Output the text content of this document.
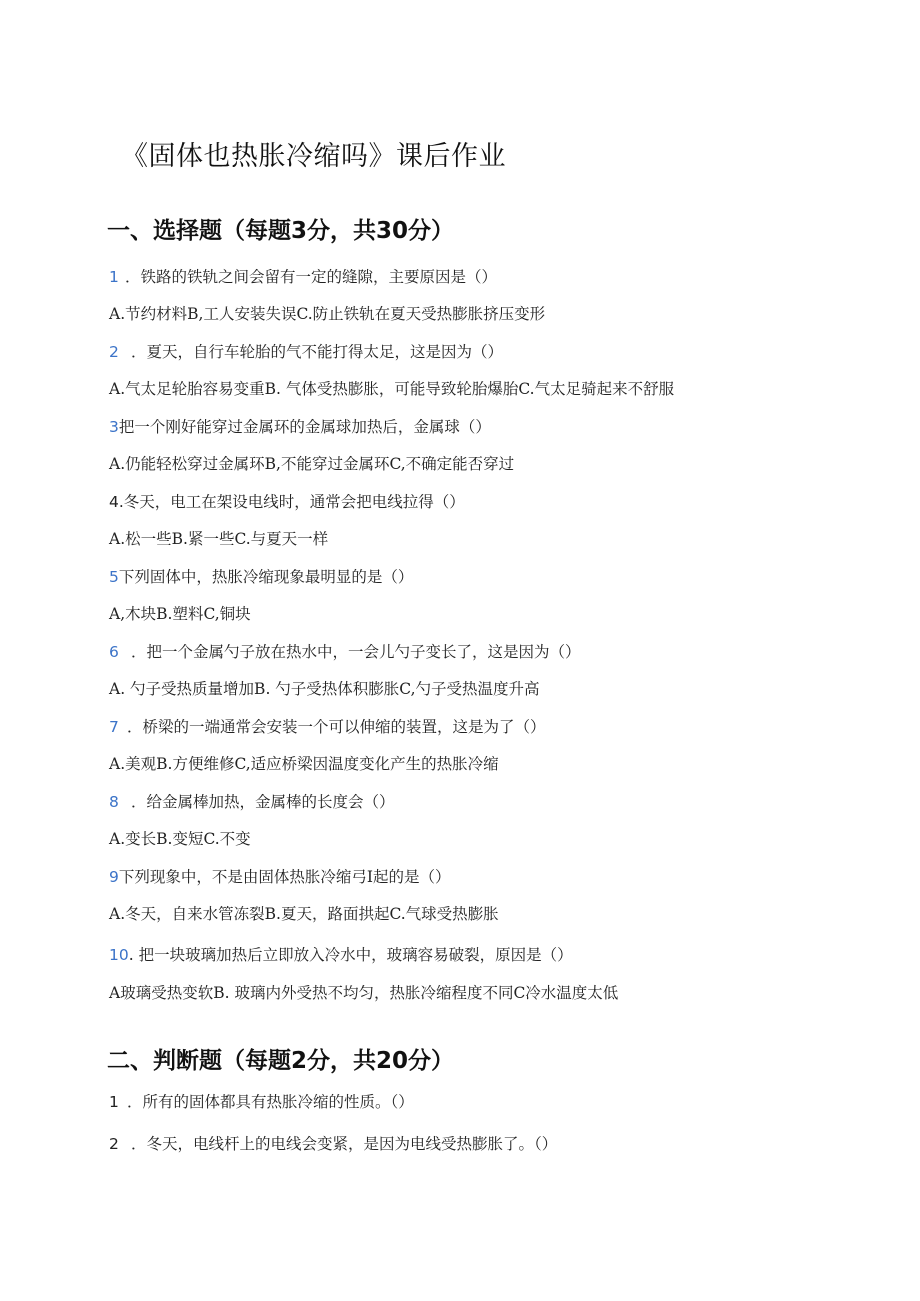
《固体也热胀冷缩吗》课后作业
一、选择题（每题3分，共30分）
1 ．铁路的铁轨之间会留有一定的缝隙，主要原因是（）
A.节约材料B,工人安装失误C.防止铁轨在夏天受热膨胀挤压变形
2 ．夏天，自行车轮胎的气不能打得太足，这是因为（）
A.气太足轮胎容易变重B. 气体受热膨胀，可能导致轮胎爆胎C.气太足骑起来不舒服
3把一个刚好能穿过金属环的金属球加热后，金属球（）
A.仍能轻松穿过金属环B,不能穿过金属环C,不确定能否穿过
4.冬天，电工在架设电线时，通常会把电线拉得（）
A.松一些B.紧一些C.与夏天一样
5下列固体中，热胀冷缩现象最明显的是（）
A,木块B.塑料C,铜块
6 ．把一个金属勺子放在热水中，一会儿勺子变长了，这是因为（）
A. 勺子受热质量增加B. 勺子受热体积膨胀C,勺子受热温度升高
7 ．桥梁的一端通常会安装一个可以伸缩的装置，这是为了（）
A.美观B.方便维修C,适应桥梁因温度变化产生的热胀冷缩
8 ．给金属棒加热，金属棒的长度会（）
A.变长B.变短C.不变
9下列现象中，不是由固体热胀冷缩弓I起的是（）
A.冬天，自来水管冻裂B.夏天，路面拱起C.气球受热膨胀
10. 把一块玻璃加热后立即放入冷水中，玻璃容易破裂，原因是（）
A玻璃受热变软B. 玻璃内外受热不均匀，热胀冷缩程度不同C冷水温度太低
二、判断题（每题2分，共20分）
1 ．所有的固体都具有热胀冷缩的性质。（）
2 ．冬天，电线杆上的电线会变紧，是因为电线受热膨胀了。（）
